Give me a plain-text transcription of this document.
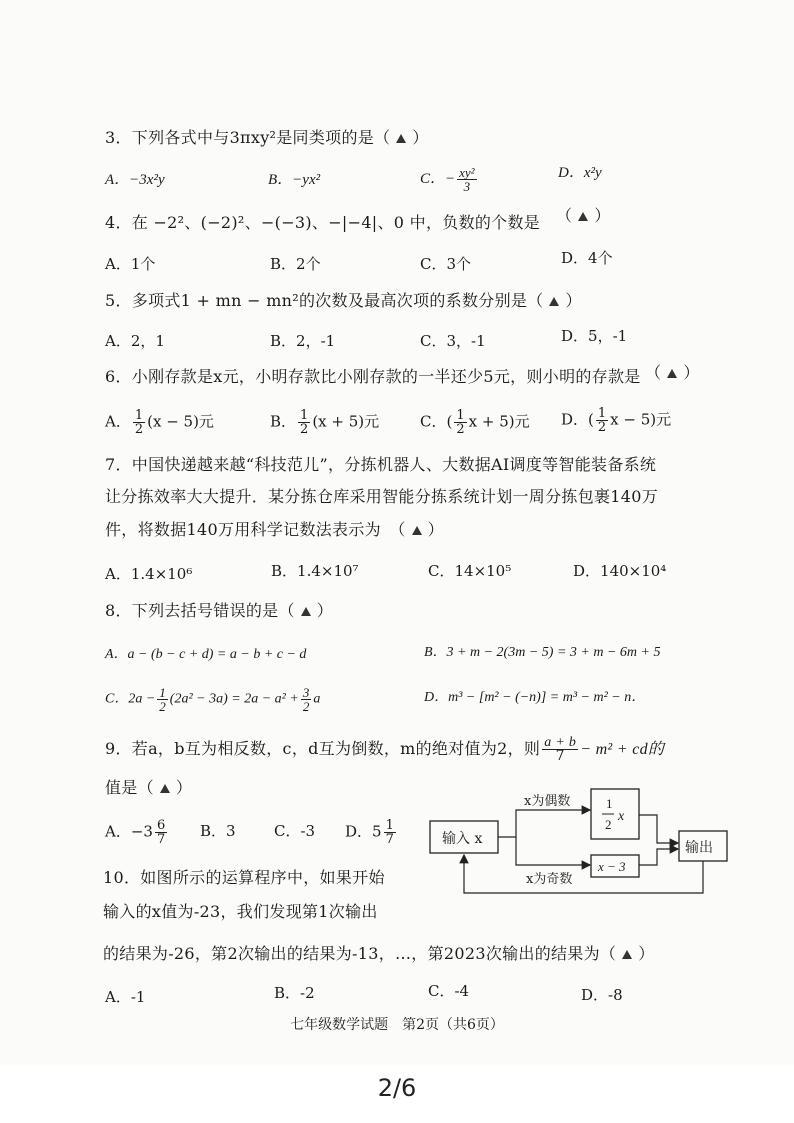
3．下列各式中与3πxy²是同类项的是（ ）
A．−3x²y	B．−yx²	C．− $\frac{\text{xy²}}{3}$	D．x²y
4．在 −2²、(−2)²、−(−3)、−|−4|、0 中，负数的个数是 （ ）
A．1个	B．2个	C．3个	D．4个
5．多项式1 + mn − mn²的次数及最高次项的系数分别是（ ）
A．2，1	B．2，-1	C．3，-1	D．5，-1
6．小刚存款是x元，小明存款比小刚存款的一半还少5元，则小明的存款是 （ ）
A． $\frac{1}{2} (x - 5)$元	B． $\frac{1}{2} (x + 5)$元	C．( $\frac{1}{2}$ x + 5)元 D．( $\frac{1}{2}$ x − 5)元
7．中国快递越来越“科技范儿”，分拣机器人、大数据AI调度等智能装备系统
让分拣效率大大提升．某分拣仓库采用智能分拣系统计划一周分拣包裹140万
件，将数据140万用科学记数法表示为　 （ ）
A．1.4×10⁶	B．1.4×10⁷	C．14×10⁵	D．140×10⁴
8．下列去括号错误的是（ ）
A．a − (b − c + d) = a − b + c − d	B．3 + m − 2(3m − 5) = 3 + m − 6m + 5
C．$2a - \frac{1}{2} (2a^2 - 3a) = 2a - a^2 + \frac{3}{2}$ a	D．m³ − [m² − (−n)] = m³ − m² − n．
9．若a，b互为相反数，c，d互为倒数，m的绝对值为2，则 $\frac{a + b}{7} - m^2$ + cd的
值是（ ）
A．$-3 \frac{6}{7}$ B．3	C．-3 D．$5 \frac{1}{7}$
10．如图所示的运算程序中，如果开始
输入的x值为-23，我们发现第1次输出
的结果为-26，第2次输出的结果为-13，…，第2023次输出的结果为（ ）
A．-1	B．-2	C．-4	D．-8
输入 x
x为偶数	1
2
x
x为奇数
x − 3
输出
七年级数学试题　第2页（共6页）
2/6
